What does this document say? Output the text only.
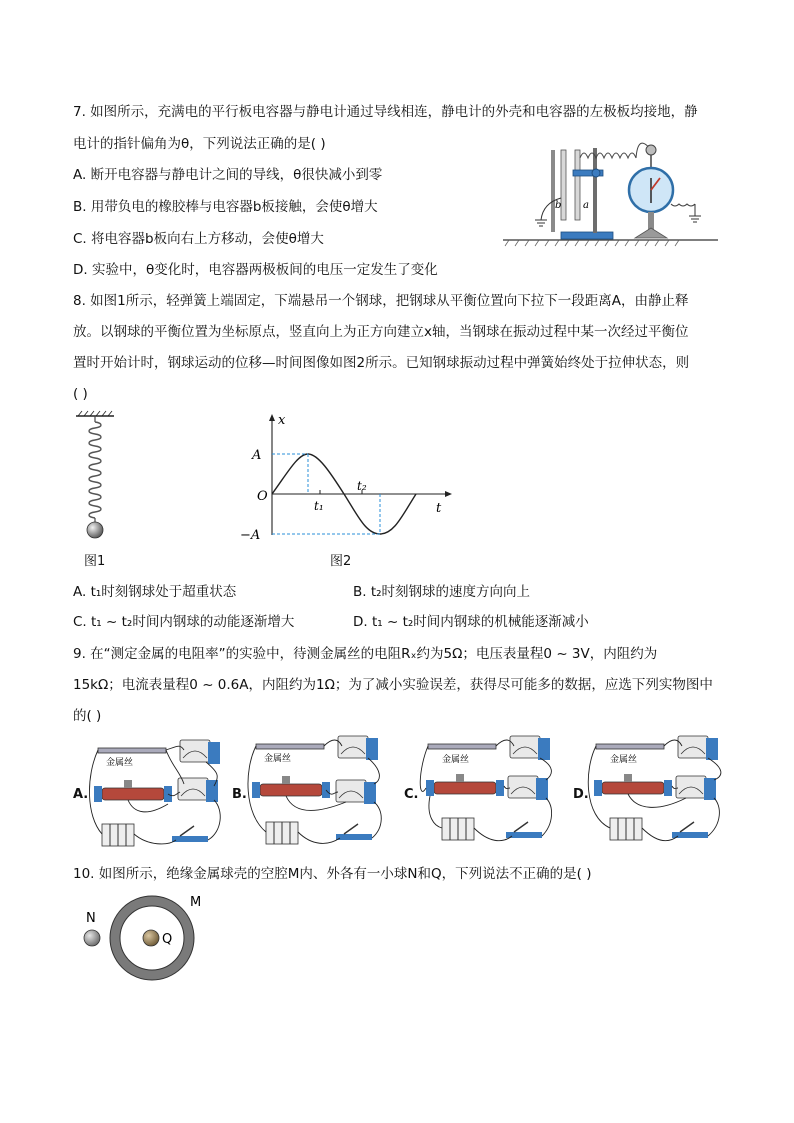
7. 如图所示，充满电的平行板电容器与静电计通过导线相连，静电计的外壳和电容器的左极板均接地，静
电计的指针偏角为θ，下列说法正确的是( )
A. 断开电容器与静电计之间的导线，θ很快减小到零
B. 用带负电的橡胶棒与电容器b板接触，会使θ增大
C. 将电容器b板向右上方移动，会使θ增大
D. 实验中，θ变化时，电容器两极板间的电压一定发生了变化
b a
8. 如图1所示，轻弹簧上端固定，下端悬吊一个钢球，把钢球从平衡位置向下拉下一段距离A，由静止释
放。以钢球的平衡位置为坐标原点，竖直向上为正方向建立x轴，当钢球在振动过程中某一次经过平衡位
置时开始计时，钢球运动的位移—时间图像如图2所示。已知钢球振动过程中弹簧始终处于拉伸状态，则
( )
图1
x
t
O
A
−A
t₁
t₂
图2
A. t₁时刻钢球处于超重状态	B. t₂时刻钢球的速度方向向上
C. t₁ ~ t₂时间内钢球的动能逐渐增大	D. t₁ ~ t₂时间内钢球的机械能逐渐减小
9. 在“测定金属的电阻率”的实验中，待测金属丝的电阻Rₓ约为5Ω；电压表量程0 ~ 3V，内阻约为
15kΩ；电流表量程0 ~ 0.6A，内阻约为1Ω；为了减小实验误差，获得尽可能多的数据，应选下列实物图中
的( )
A.	B.	C.	D.
金属丝	金属丝	金属丝	金属丝
10. 如图所示，绝缘金属球壳的空腔M内、外各有一小球N和Q，下列说法不正确的是( )
N
M
Q
